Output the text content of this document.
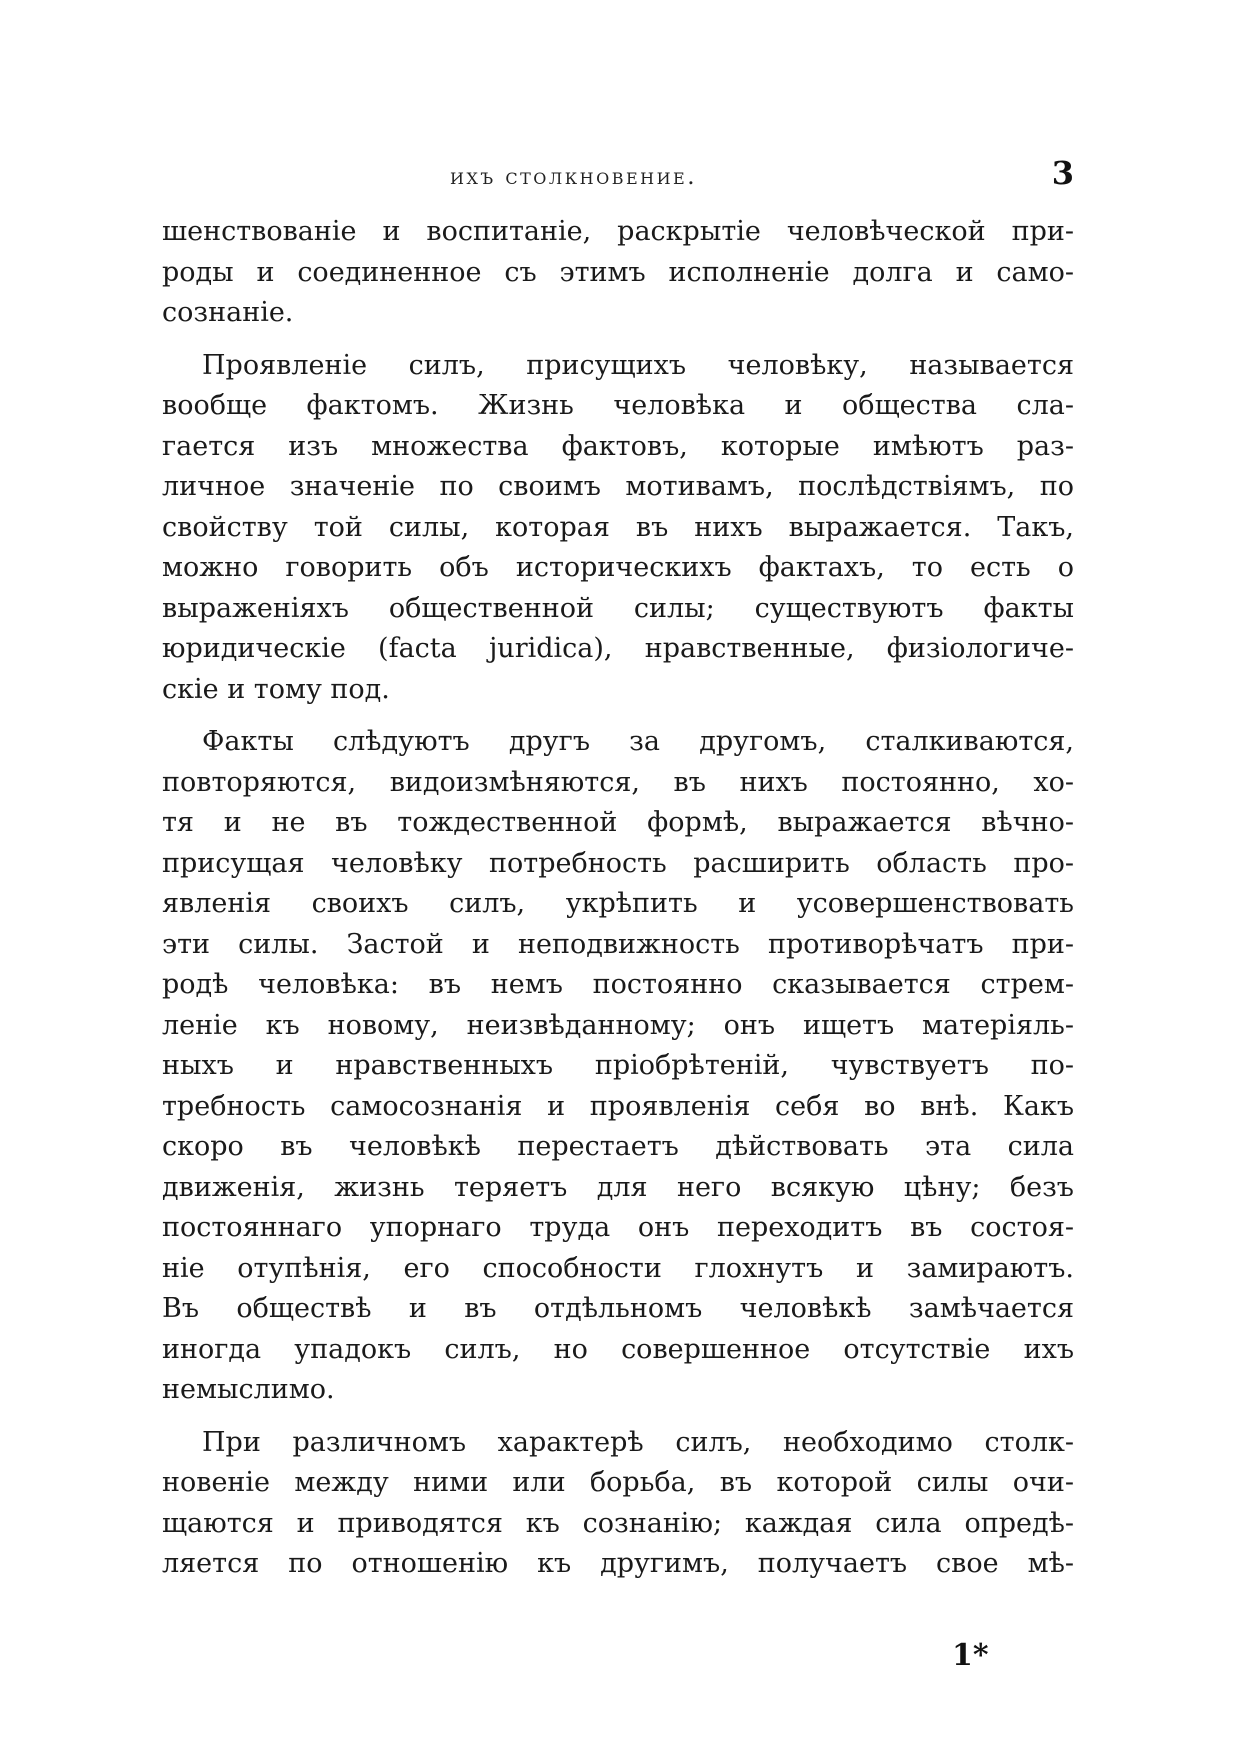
ихъ столкновение.	3
шенствованіе и воспитаніе, раскрытіе человѣческой при-
роды и соединенное съ этимъ исполненіе долга и само-
сознаніе.
Проявленіе силъ, присущихъ человѣку, называется
вообще фактомъ. Жизнь человѣка и общества сла-
гается изъ множества фактовъ, которые имѣютъ раз-
личное значеніе по своимъ мотивамъ, послѣдствіямъ, по
свойству той силы, которая въ нихъ выражается. Такъ,
можно говорить объ историческихъ фактахъ, то есть о
выраженіяхъ общественной силы; существуютъ факты
юридическіе (facta juridica), нравственные, физіологиче-
скіе и тому под.
Факты слѣдуютъ другъ за другомъ, сталкиваются,
повторяются, видоизмѣняются, въ нихъ постоянно, хо-
тя и не въ тождественной формѣ, выражается вѣчно-
присущая человѣку потребность расширить область про-
явленія своихъ силъ, укрѣпить и усовершенствовать
эти силы. Застой и неподвижность противорѣчатъ при-
родѣ человѣка: въ немъ постоянно сказывается стрем-
леніе къ новому, неизвѣданному; онъ ищетъ матеріяль-
ныхъ и нравственныхъ пріобрѣтеній, чувствуетъ по-
требность самосознанія и проявленія себя во внѣ. Какъ
скоро въ человѣкѣ перестаетъ дѣйствовать эта сила
движенія, жизнь теряетъ для него всякую цѣну; безъ
постояннаго упорнаго труда онъ переходитъ въ состоя-
ніе отупѣнія, его способности глохнутъ и замираютъ.
Въ обществѣ и въ отдѣльномъ человѣкѣ замѣчается
иногда упадокъ силъ, но совершенное отсутствіе ихъ
немыслимо.
При различномъ характерѣ силъ, необходимо столк-
новеніе между ними или борьба, въ которой силы очи-
щаются и приводятся къ сознанію; каждая сила опредѣ-
ляется по отношенію къ другимъ, получаетъ свое мѣ-
1*
